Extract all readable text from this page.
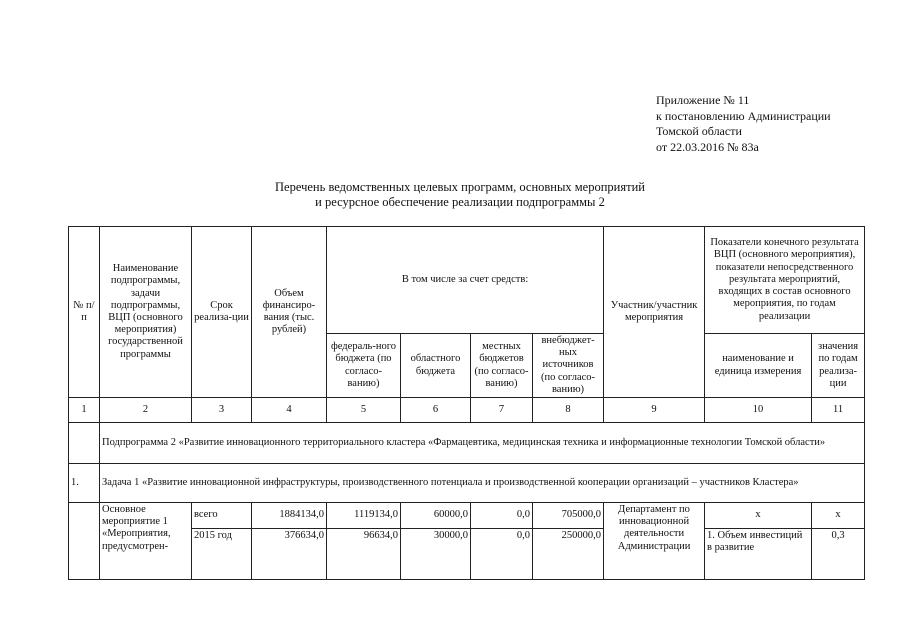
Приложение № 11
к постановлению Администрации
Томской области
от 22.03.2016 № 83а
Перечень ведомственных целевых программ, основных мероприятий
и ресурсное обеспечение реализации подпрограммы 2
№ п/п	Наименование подпрограммы, задачи подпрограммы, ВЦП (основного мероприятия) государственной программы	Срок реализа-ции	Объем финансиро-вания (тыс. рублей)	В том числе за счет средств:				Участник/участник мероприятия	Показатели конечного результата ВЦП (основного мероприятия), показатели непосредственного результата мероприятий, входящих в состав основного мероприятия, по годам реализации	
				федераль-ного бюджета (по согласо-ванию)	областного бюджета	местных бюджетов (по согласо-ванию)	внебюджет-ных источников (по согласо-ванию)		наименование и единица измерения	значения по годам реализа-ции
1	2	3	4	5	6	7	8	9	10	11
	Подпрограмма 2 «Развитие инновационного территориального кластера «Фармацевтика, медицинская техника и информационные технологии Томской области»									
1.	Задача 1 «Развитие инновационной инфраструктуры, производственного потенциала и производственной кооперации организаций – участников Кластера»									
	Основное мероприятие 1 «Мероприятия, предусмотрен-	всего	1884134,0	1119134,0	60000,0	0,0	705000,0	Департамент по инновационной деятельности Администрации	х	х
		2015 год	376634,0	96634,0	30000,0	0,0	250000,0		1. Объем инвестиций в развитие	0,3
